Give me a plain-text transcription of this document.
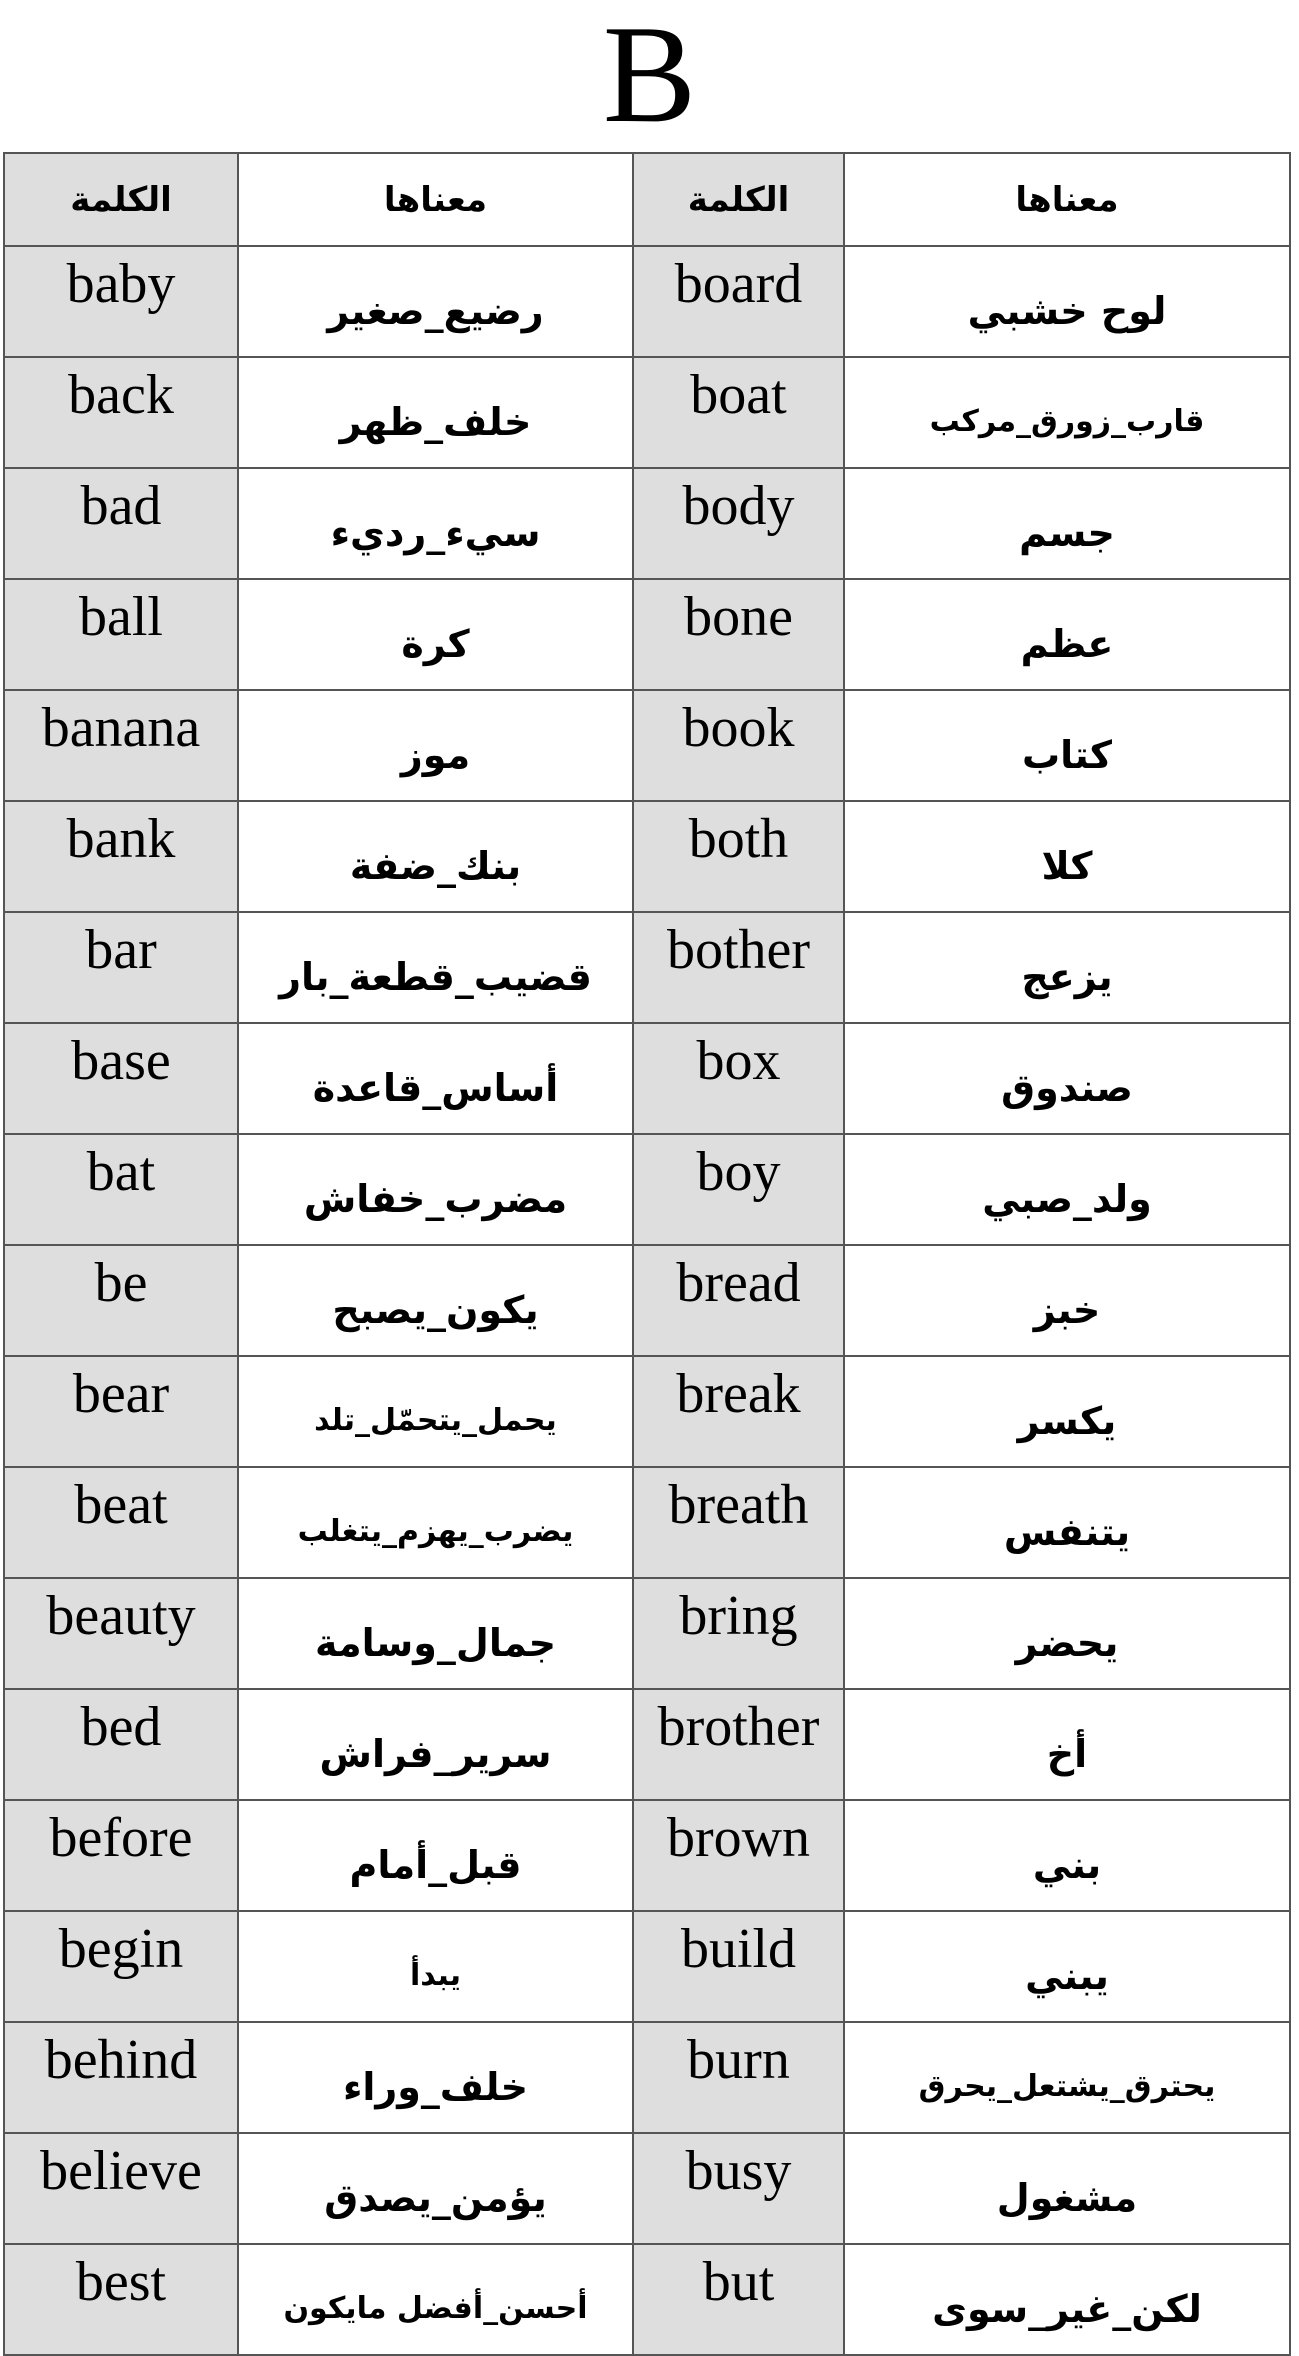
B
الكلمة	معناها	الكلمة	معناها
baby	رضيع_صغير	board	لوح خشبي
back	خلف_ظهر	boat	قارب_زورق_مركب
bad	سيء_رديء	body	جسم
ball	كرة	bone	عظم
banana	موز	book	كتاب
bank	بنك_ضفة	both	كلا
bar	قضيب_قطعة_بار	bother	يزعج
base	أساس_قاعدة	box	صندوق
bat	مضرب_خفاش	boy	ولد_صبي
be	يكون_يصبح	bread	خبز
bear	يحمل_يتحمّل_تلد	break	يكسر
beat	يضرب_يهزم_يتغلب	breath	يتنفس
beauty	جمال_وسامة	bring	يحضر
bed	سرير_فراش	brother	أخ
before	قبل_أمام	brown	بني
begin	يبدأ	build	يبني
behind	خلف_وراء	burn	يحترق_يشتعل_يحرق
believe	يؤمن_يصدق	busy	مشغول
best	أحسن_أفضل مايكون	but	لكن_غير_سوى
